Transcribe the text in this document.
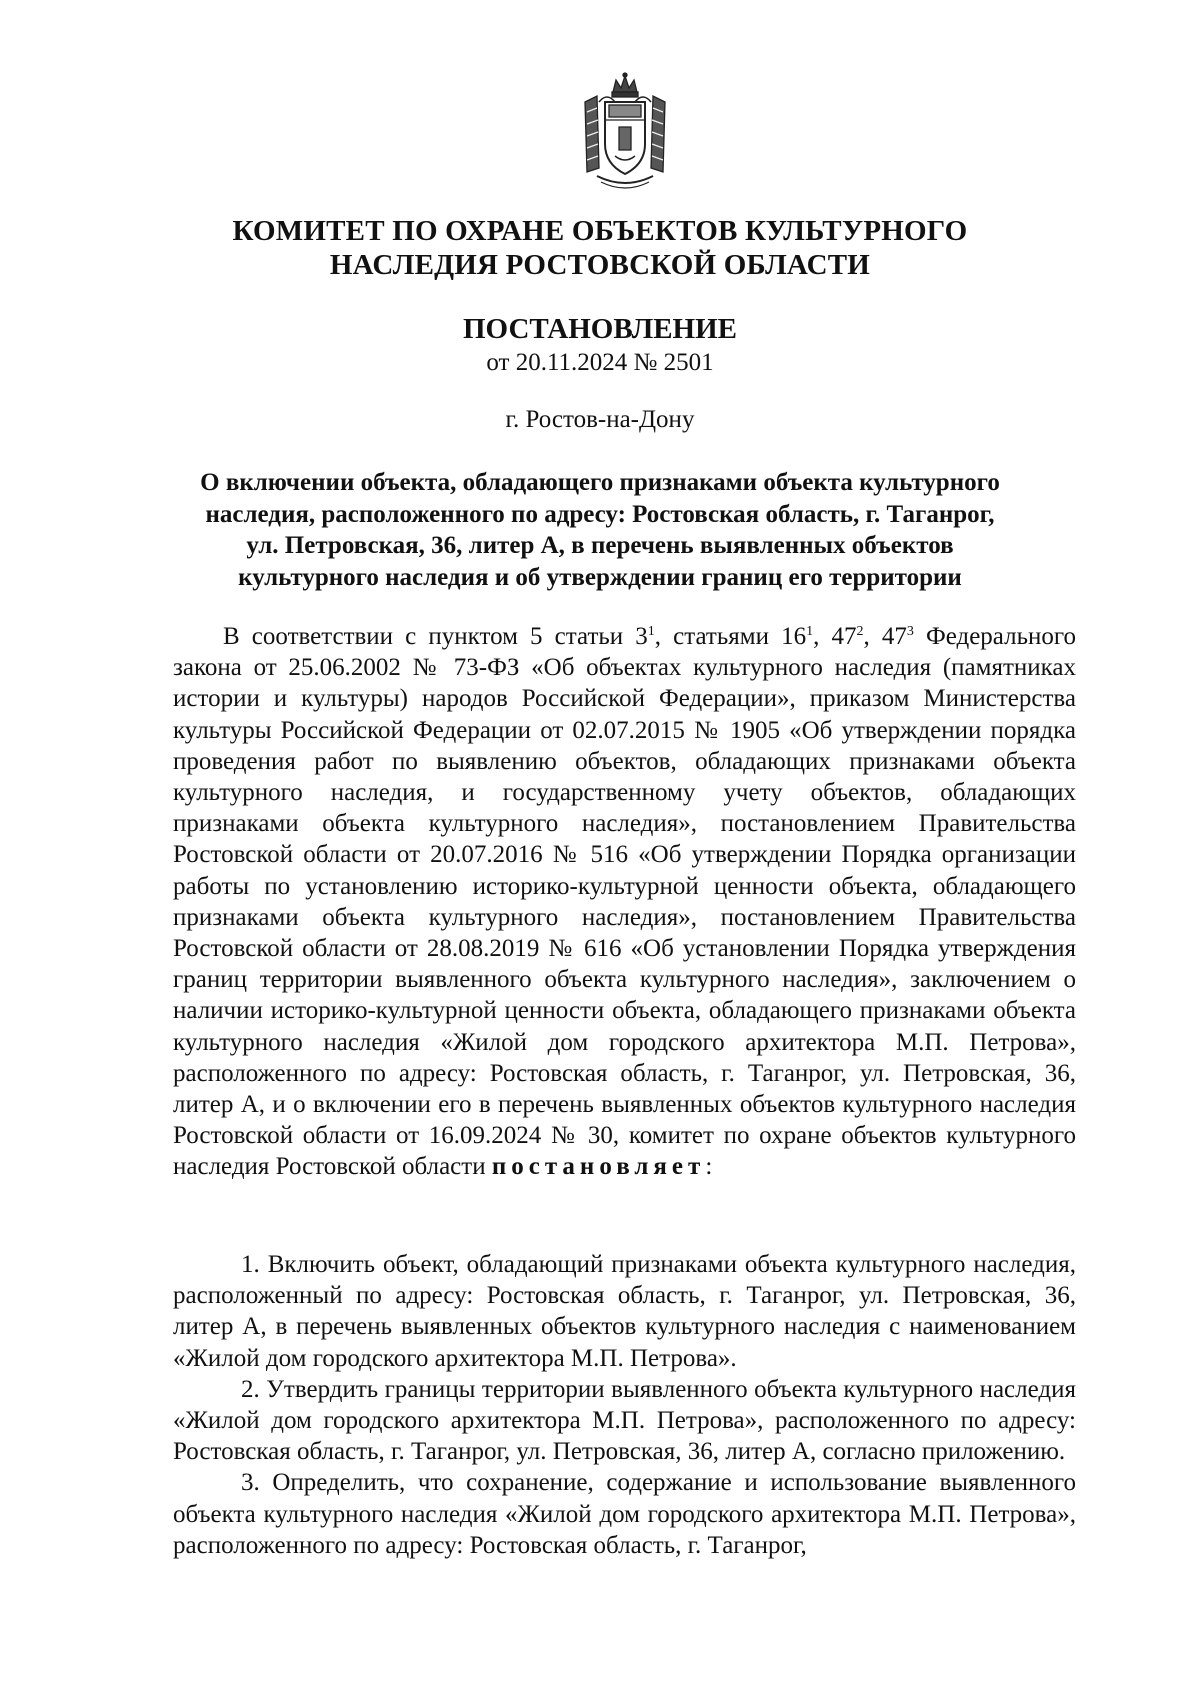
КОМИТЕТ ПО ОХРАНЕ ОБЪЕКТОВ КУЛЬТУРНОГО
НАСЛЕДИЯ РОСТОВСКОЙ ОБЛАСТИ
ПОСТАНОВЛЕНИЕ
от 20.11.2024 № 2501
г. Ростов-на-Дону
О включении объекта, обладающего признаками объекта культурного
наследия, расположенного по адресу: Ростовская область, г. Таганрог,
ул. Петровская, 36, литер А, в перечень выявленных объектов
культурного наследия и об утверждении границ его территории

В соответствии с пунктом 5 статьи $3^1$, статьями $16^1$, $47^2$, $47^3$ Федерального закона от 25.06.2002 № 73-ФЗ «Об объектах культурного наследия (памятниках истории и культуры) народов Российской Федерации», приказом Министерства культуры Российской Федерации от 02.07.2015 № 1905 «Об утверждении порядка проведения работ по выявлению объектов, обладающих признаками объекта культурного наследия, и государственному учету объектов, обладающих признаками объекта культурного наследия», постановлением Правительства Ростовской области от 20.07.2016 № 516 «Об утверждении Порядка организации работы по установлению историко-культурной ценности объекта, обладающего признаками объекта культурного наследия», постановлением Правительства Ростовской области от 28.08.2019 № 616 «Об установлении Порядка утверждения границ территории выявленного объекта культурного наследия», заключением о наличии историко-культурной ценности объекта, обладающего признаками объекта культурного наследия «Жилой дом городского архитектора М.П. Петрова», расположенного по адресу: Ростовская область, г. Таганрог, ул. Петровская, 36, литер А, и о включении его в перечень выявленных объектов культурного наследия Ростовской области от 16.09.2024 № 30, комитет по охране объектов культурного наследия Ростовской области постановляет:

1. Включить объект, обладающий признаками объекта культурного наследия, расположенный по адресу: Ростовская область, г. Таганрог, ул. Петровская, 36, литер А, в перечень выявленных объектов культурного наследия с наименованием «Жилой дом городского архитектора М.П. Петрова».

2. Утвердить границы территории выявленного объекта культурного наследия «Жилой дом городского архитектора М.П. Петрова», расположенного по адресу: Ростовская область, г. Таганрог, ул. Петровская, 36, литер А, согласно приложению.

3. Определить, что сохранение, содержание и использование выявленного объекта культурного наследия «Жилой дом городского архитектора М.П. Петрова», расположенного по адресу: Ростовская область, г. Таганрог,
